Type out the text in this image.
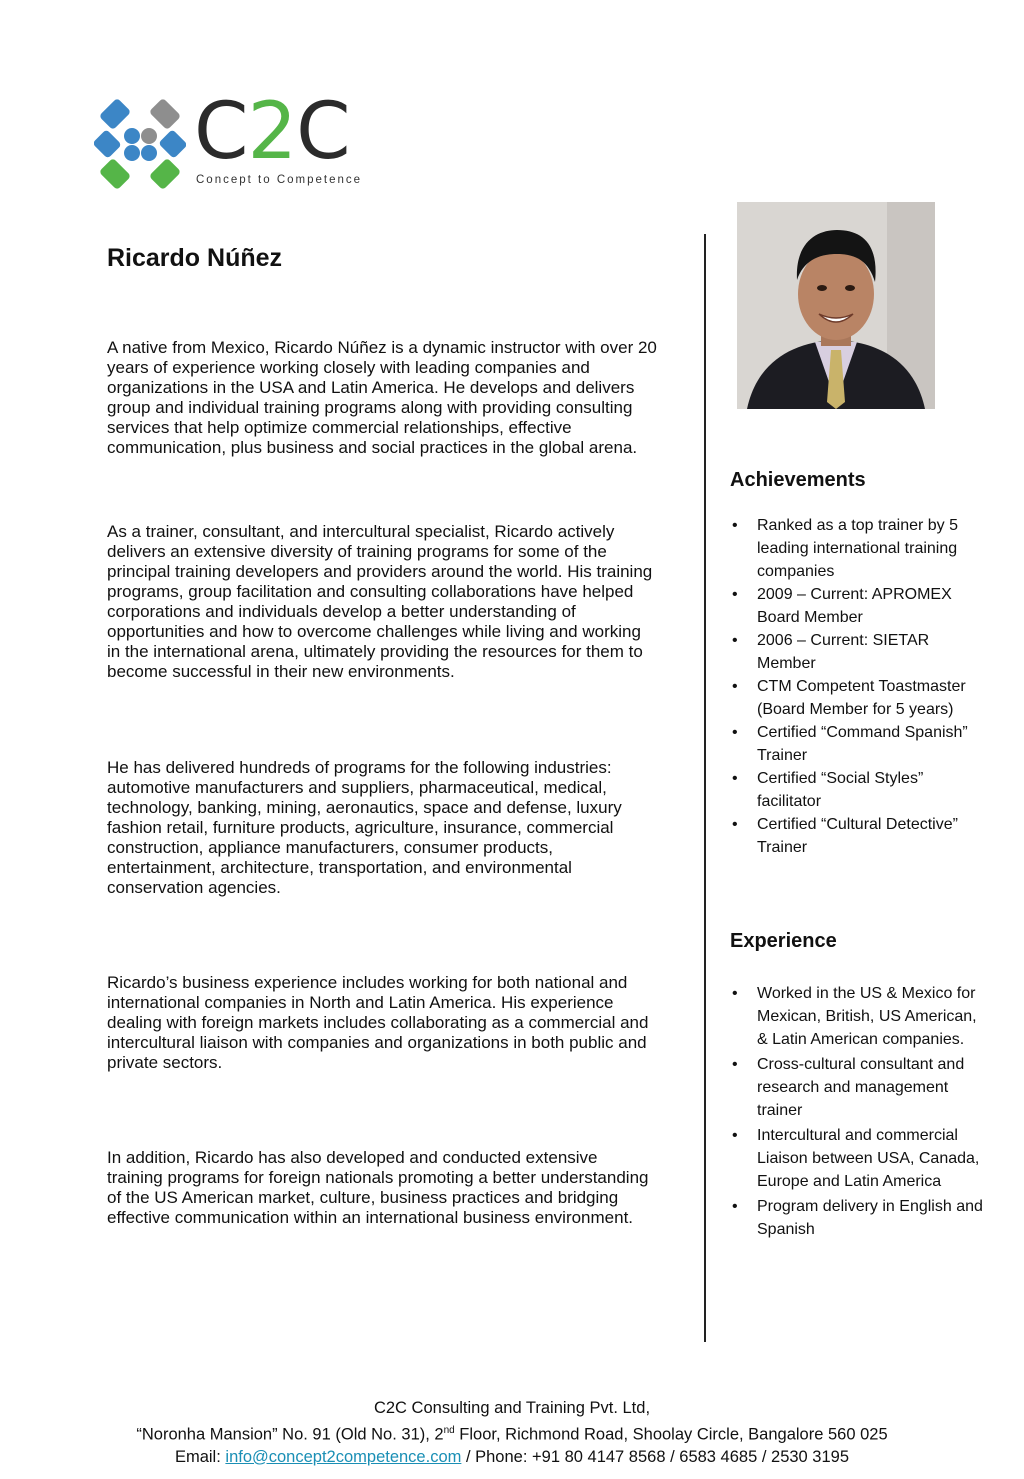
C2C
Concept to Competence
Ricardo Núñez

A native from Mexico, Ricardo Núñez is a dynamic instructor with over 20 years of experience working closely with leading companies and organizations in the USA and Latin America. He develops and delivers group and individual training programs along with providing consulting services that help optimize commercial relationships, effective communication, plus business and social practices in the global arena.

As a trainer, consultant, and intercultural specialist, Ricardo actively delivers an extensive diversity of training programs for some of the principal training developers and providers around the world. His training programs, group facilitation and consulting collaborations have helped corporations and individuals develop a better understanding of opportunities and how to overcome challenges while living and working in the international arena, ultimately providing the resources for them to become successful in their new environments.

He has delivered hundreds of programs for the following industries: automotive manufacturers and suppliers, pharmaceutical, medical, technology, banking, mining, aeronautics, space and defense, luxury fashion retail, furniture products, agriculture, insurance, commercial construction, appliance manufacturers, consumer products, entertainment, architecture, transportation, and environmental conservation agencies.

Ricardo’s business experience includes working for both national and international companies in North and Latin America. His experience dealing with foreign markets includes collaborating as a commercial and intercultural liaison with companies and organizations in both public and private sectors.

In addition, Ricardo has also developed and conducted extensive training programs for foreign nationals promoting a better understanding of the US American market, culture, business practices and bridging effective communication within an international business environment.

Achievements
• Ranked as a top trainer by 5 leading international training companies
• 2009 – Current: APROMEX Board Member
• 2006 – Current: SIETAR Member
• CTM Competent Toastmaster (Board Member for 5 years)
• Certified “Command Spanish” Trainer
• Certified “Social Styles” facilitator
• Certified “Cultural Detective” Trainer
Experience
• Worked in the US & Mexico for Mexican, British, US American, & Latin American companies.
• Cross-cultural consultant and research and management trainer
• Intercultural and commercial Liaison between USA, Canada, Europe and Latin America
• Program delivery in English and Spanish
C2C Consulting and Training Pvt. Ltd,
“Noronha Mansion” No. 91 (Old No. 31), 2nd Floor, Richmond Road, Shoolay Circle, Bangalore 560 025
Email: info@concept2competence.com / Phone: +91 80 4147 8568 / 6583 4685 / 2530 3195
